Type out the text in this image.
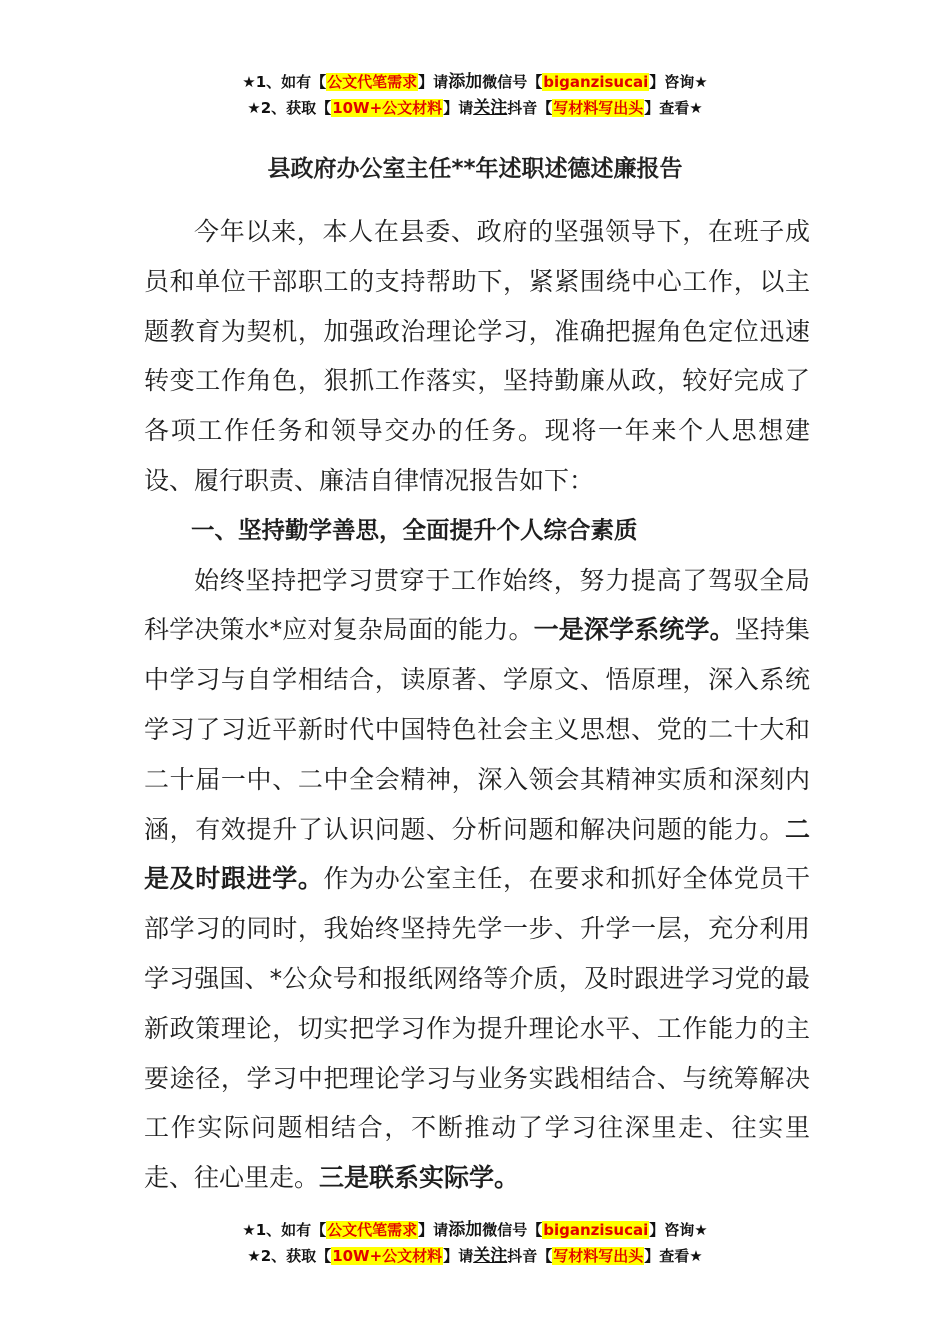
★1、如有【公文代笔需求】请添加微信号【biganzisucai】咨询★
★2、获取【10W+公文材料】请关注抖音【写材料写出头】查看★
县政府办公室主任**年述职述德述廉报告

今年以来，本人在县委、政府的坚强领导下，在班子成员和单位干部职工的支持帮助下，紧紧围绕中心工作，以主题教育为契机，加强政治理论学习，准确把握角色定位迅速转变工作角色，狠抓工作落实，坚持勤廉从政，较好完成了各项工作任务和领导交办的任务。现将一年来个人思想建设、履行职责、廉洁自律情况报告如下：

一、坚持勤学善思，全面提升个人综合素质

始终坚持把学习贯穿于工作始终，努力提高了驾驭全局科学决策水*应对复杂局面的能力。一是深学系统学。坚持集中学习与自学相结合，读原著、学原文、悟原理，深入系统学习了习近平新时代中国特色社会主义思想、党的二十大和二十届一中、二中全会精神，深入领会其精神实质和深刻内涵，有效提升了认识问题、分析问题和解决问题的能力。二是及时跟进学。作为办公室主任，在要求和抓好全体党员干部学习的同时，我始终坚持先学一步、升学一层，充分利用学习强国、*公众号和报纸网络等介质，及时跟进学习党的最新政策理论，切实把学习作为提升理论水平、工作能力的主要途径，学习中把理论学习与业务实践相结合、与统筹解决工作实际问题相结合，不断推动了学习往深里走、往实里走、往心里走。三是联系实际学。

★1、如有【公文代笔需求】请添加微信号【biganzisucai】咨询★
★2、获取【10W+公文材料】请关注抖音【写材料写出头】查看★
